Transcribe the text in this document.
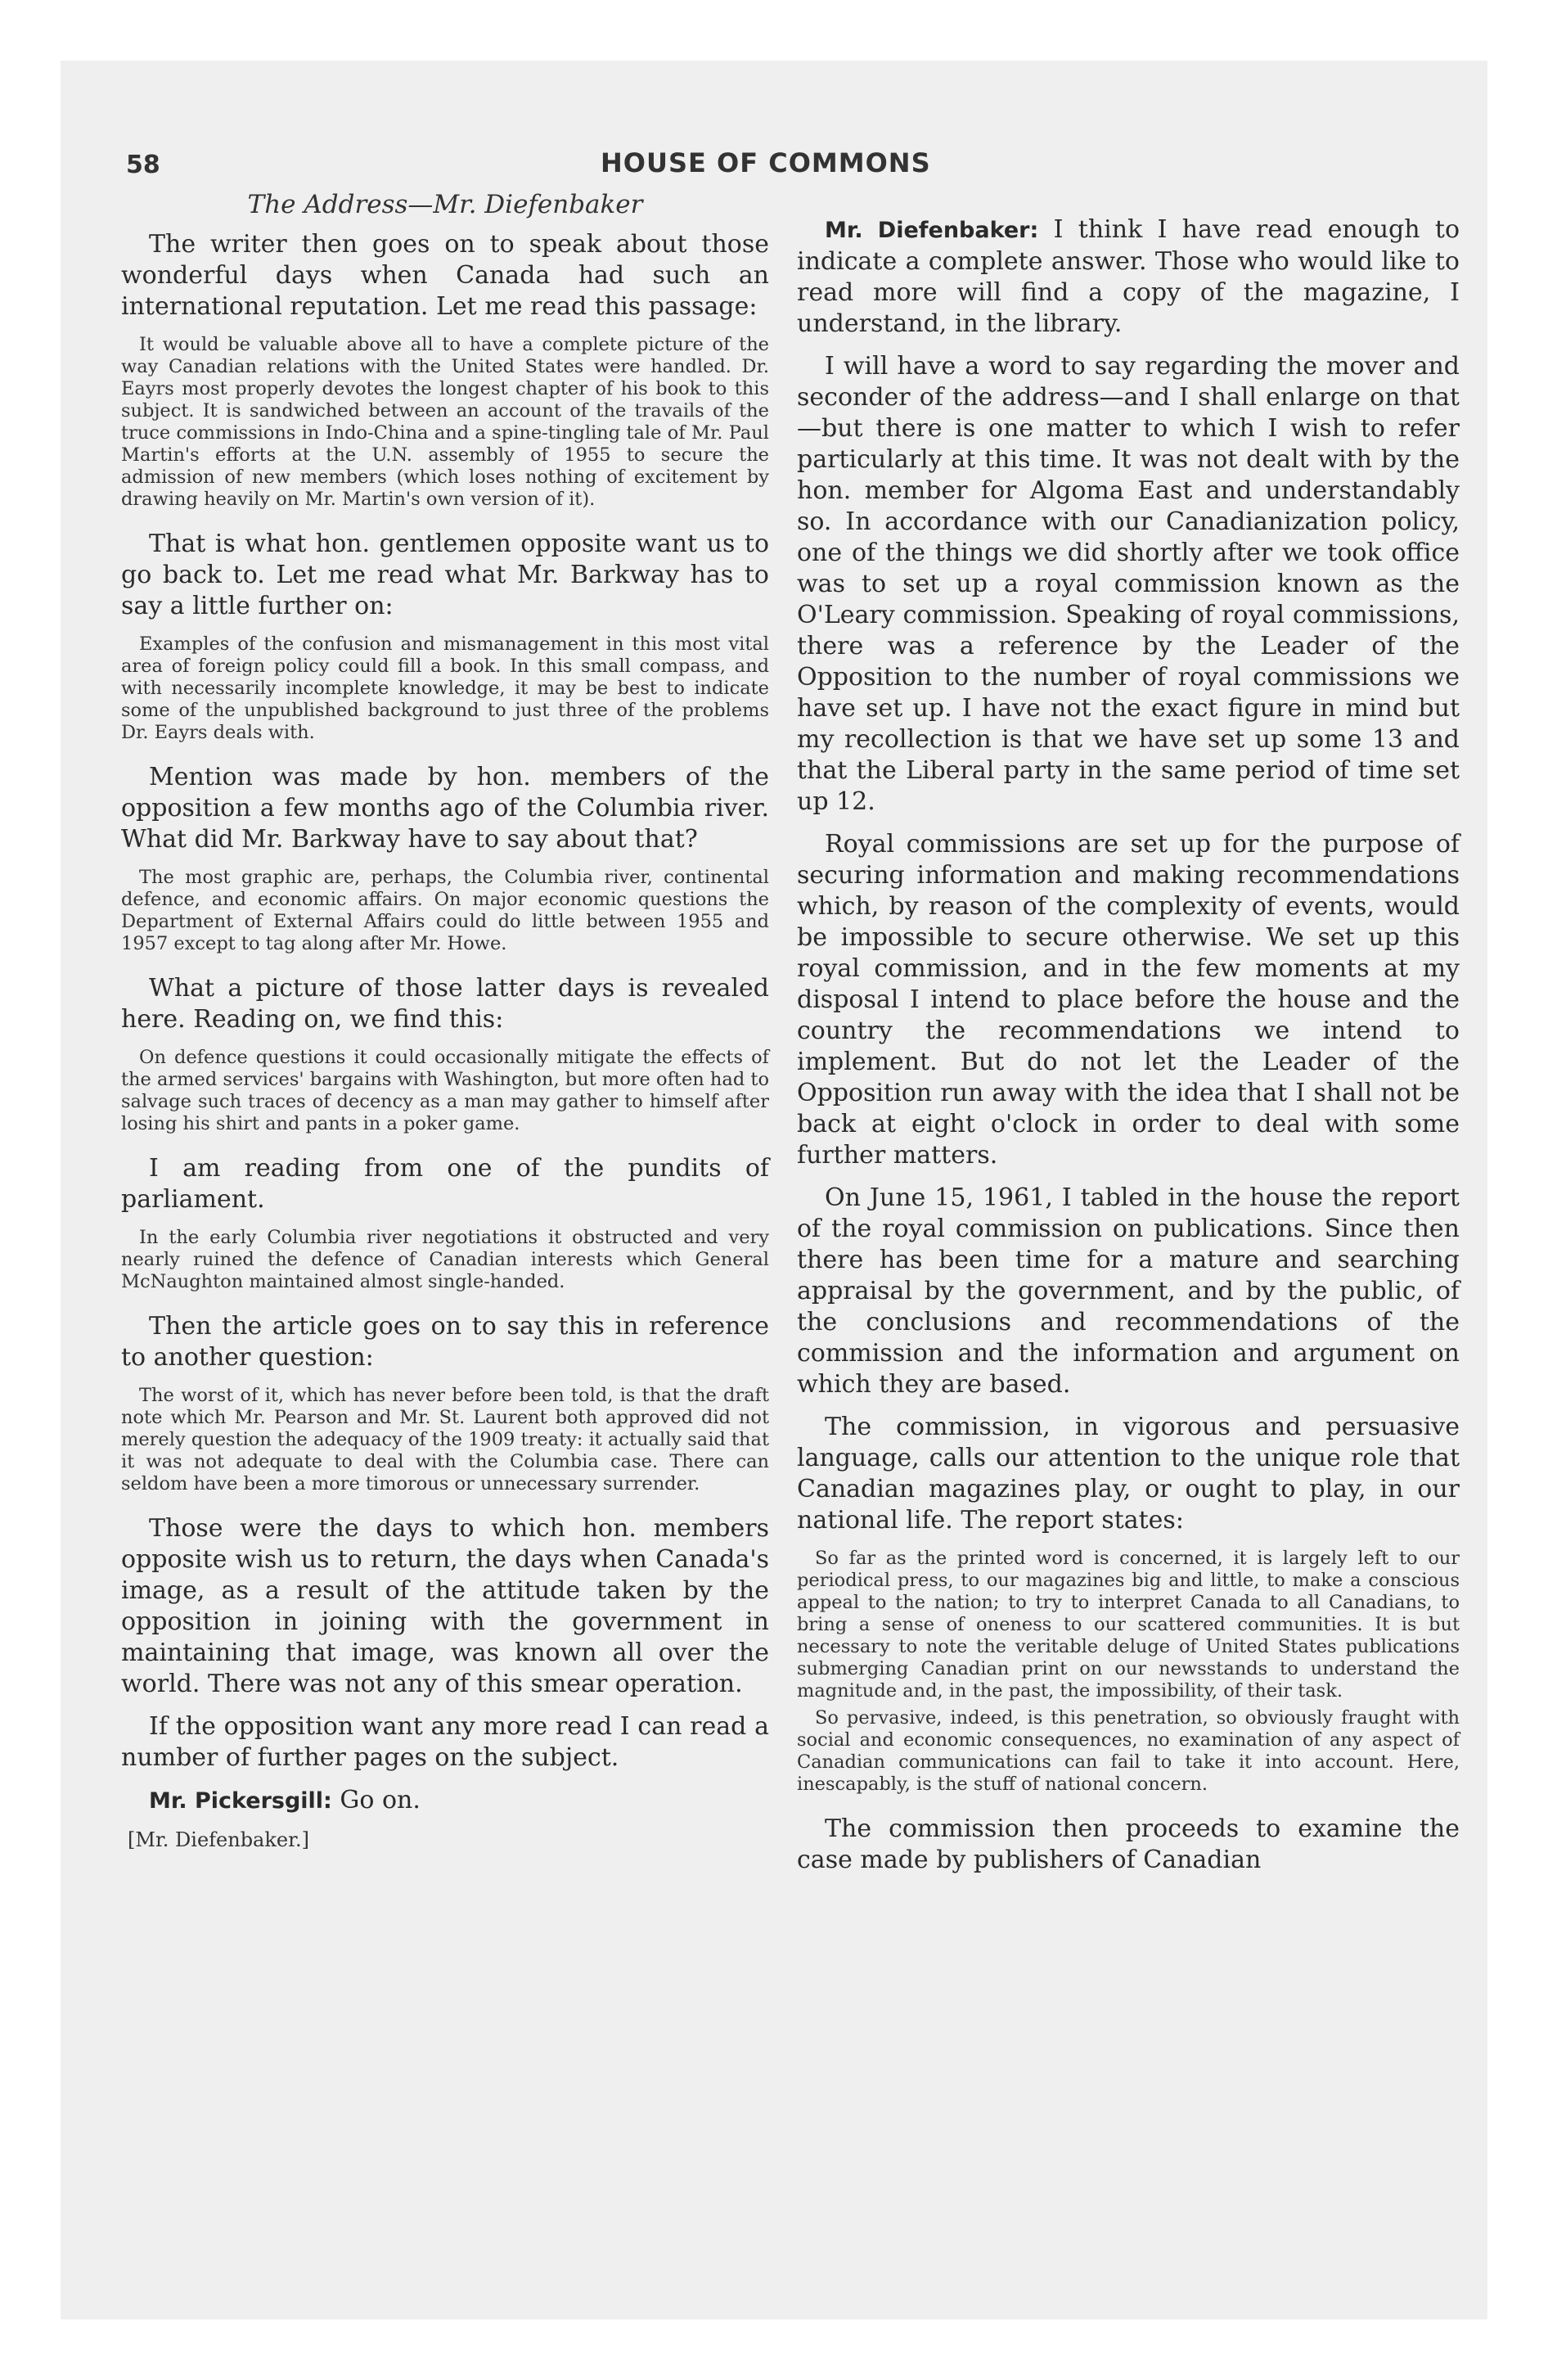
58	HOUSE OF COMMONS
The Address—Mr. Diefenbaker

The writer then goes on to speak about those wonderful days when Canada had such an international reputation. Let me read this passage:

It would be valuable above all to have a complete picture of the way Canadian relations with the United States were handled. Dr. Eayrs most properly devotes the longest chapter of his book to this subject. It is sandwiched between an account of the travails of the truce commissions in Indo-China and a spine-tingling tale of Mr. Paul Martin's efforts at the U.N. assembly of 1955 to secure the admission of new members (which loses nothing of excitement by drawing heavily on Mr. Martin's own version of it).

That is what hon. gentlemen opposite want us to go back to. Let me read what Mr. Barkway has to say a little further on:

Examples of the confusion and mismanagement in this most vital area of foreign policy could fill a book. In this small compass, and with necessarily incomplete knowledge, it may be best to indicate some of the unpublished background to just three of the problems Dr. Eayrs deals with.

Mention was made by hon. members of the opposition a few months ago of the Columbia river. What did Mr. Barkway have to say about that?

The most graphic are, perhaps, the Columbia river, continental defence, and economic affairs. On major economic questions the Department of External Affairs could do little between 1955 and 1957 except to tag along after Mr. Howe.

What a picture of those latter days is revealed here. Reading on, we find this:

On defence questions it could occasionally mitigate the effects of the armed services' bargains with Washington, but more often had to salvage such traces of decency as a man may gather to himself after losing his shirt and pants in a poker game.

I am reading from one of the pundits of parliament.

In the early Columbia river negotiations it obstructed and very nearly ruined the defence of Canadian interests which General McNaughton maintained almost single-handed.

Then the article goes on to say this in reference to another question:

The worst of it, which has never before been told, is that the draft note which Mr. Pearson and Mr. St. Laurent both approved did not merely question the adequacy of the 1909 treaty: it actually said that it was not adequate to deal with the Columbia case. There can seldom have been a more timorous or unnecessary surrender.

Those were the days to which hon. members opposite wish us to return, the days when Canada's image, as a result of the attitude taken by the opposition in joining with the government in maintaining that image, was known all over the world. There was not any of this smear operation.

If the opposition want any more read I can read a number of further pages on the subject.

Mr. Pickersgill: Go on.

[Mr. Diefenbaker.]

Mr. Diefenbaker: I think I have read enough to indicate a complete answer. Those who would like to read more will find a copy of the magazine, I understand, in the library.

I will have a word to say regarding the mover and seconder of the address—and I shall enlarge on that—but there is one matter to which I wish to refer particularly at this time. It was not dealt with by the hon. member for Algoma East and understandably so. In accordance with our Canadianization policy, one of the things we did shortly after we took office was to set up a royal commission known as the O'Leary commission. Speaking of royal commissions, there was a reference by the Leader of the Opposition to the number of royal commissions we have set up. I have not the exact figure in mind but my recollection is that we have set up some 13 and that the Liberal party in the same period of time set up 12.

Royal commissions are set up for the purpose of securing information and making recommendations which, by reason of the complexity of events, would be impossible to secure otherwise. We set up this royal commission, and in the few moments at my disposal I intend to place before the house and the country the recommendations we intend to implement. But do not let the Leader of the Opposition run away with the idea that I shall not be back at eight o'clock in order to deal with some further matters.

On June 15, 1961, I tabled in the house the report of the royal commission on publications. Since then there has been time for a mature and searching appraisal by the government, and by the public, of the conclusions and recommendations of the commission and the information and argument on which they are based.

The commission, in vigorous and persuasive language, calls our attention to the unique role that Canadian magazines play, or ought to play, in our national life. The report states:

So far as the printed word is concerned, it is largely left to our periodical press, to our magazines big and little, to make a conscious appeal to the nation; to try to interpret Canada to all Canadians, to bring a sense of oneness to our scattered communities. It is but necessary to note the veritable deluge of United States publications submerging Canadian print on our newsstands to understand the magnitude and, in the past, the impossibility, of their task.

So pervasive, indeed, is this penetration, so obviously fraught with social and economic consequences, no examination of any aspect of Canadian communications can fail to take it into account. Here, inescapably, is the stuff of national concern.

The commission then proceeds to examine the case made by publishers of Canadian
